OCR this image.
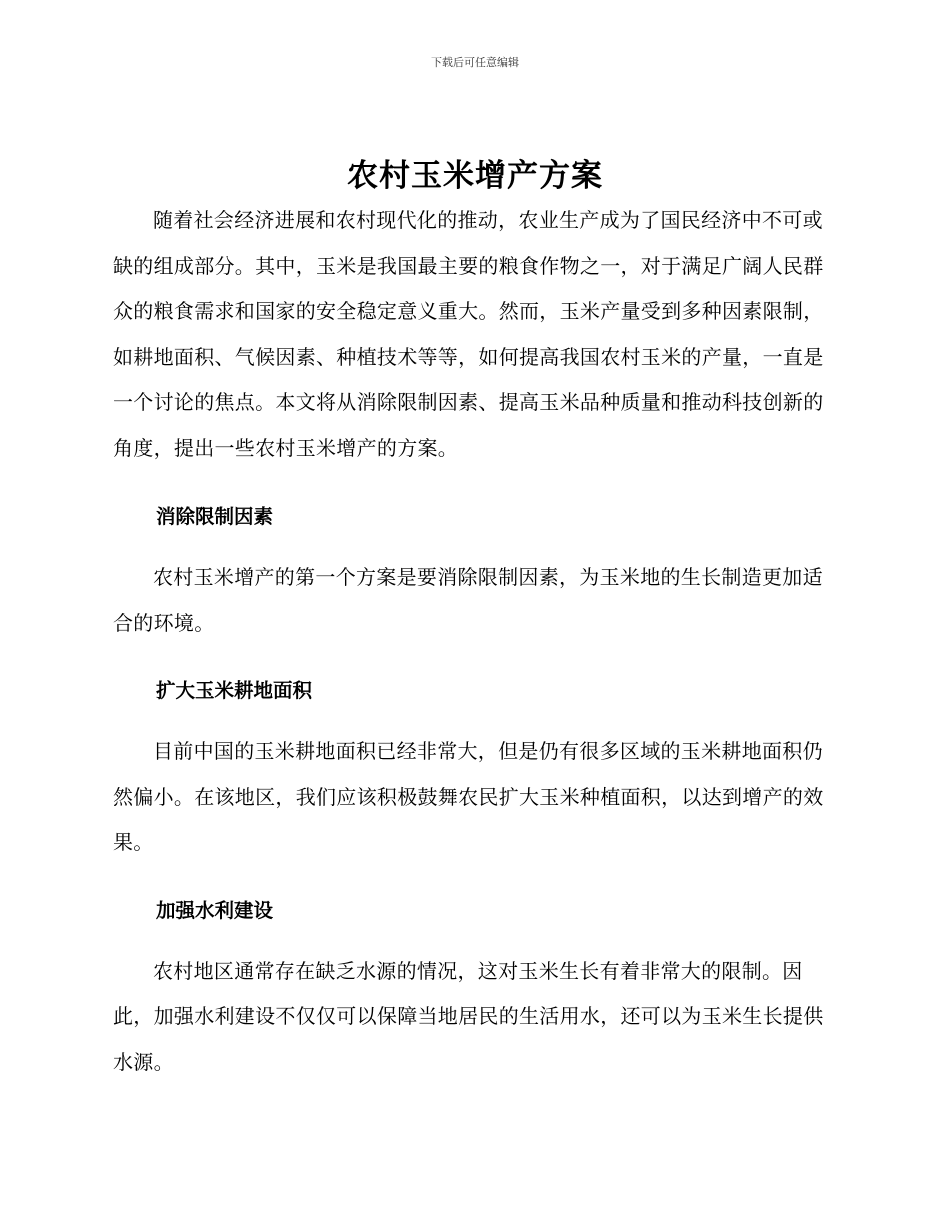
下载后可任意编辑
农村玉米增产方案

随着社会经济进展和农村现代化的推动，农业生产成为了国民经济中不可或缺的组成部分。其中，玉米是我国最主要的粮食作物之一，对于满足广阔人民群众的粮食需求和国家的安全稳定意义重大。然而，玉米产量受到多种因素限制，如耕地面积、气候因素、种植技术等等，如何提高我国农村玉米的产量，一直是一个讨论的焦点。本文将从消除限制因素、提高玉米品种质量和推动科技创新的角度，提出一些农村玉米增产的方案。

消除限制因素

农村玉米增产的第一个方案是要消除限制因素，为玉米地的生长制造更加适合的环境。

扩大玉米耕地面积

目前中国的玉米耕地面积已经非常大，但是仍有很多区域的玉米耕地面积仍然偏小。在该地区，我们应该积极鼓舞农民扩大玉米种植面积，以达到增产的效果。

加强水利建设

农村地区通常存在缺乏水源的情况，这对玉米生长有着非常大的限制。因此，加强水利建设不仅仅可以保障当地居民的生活用水，还可以为玉米生长提供水源。
